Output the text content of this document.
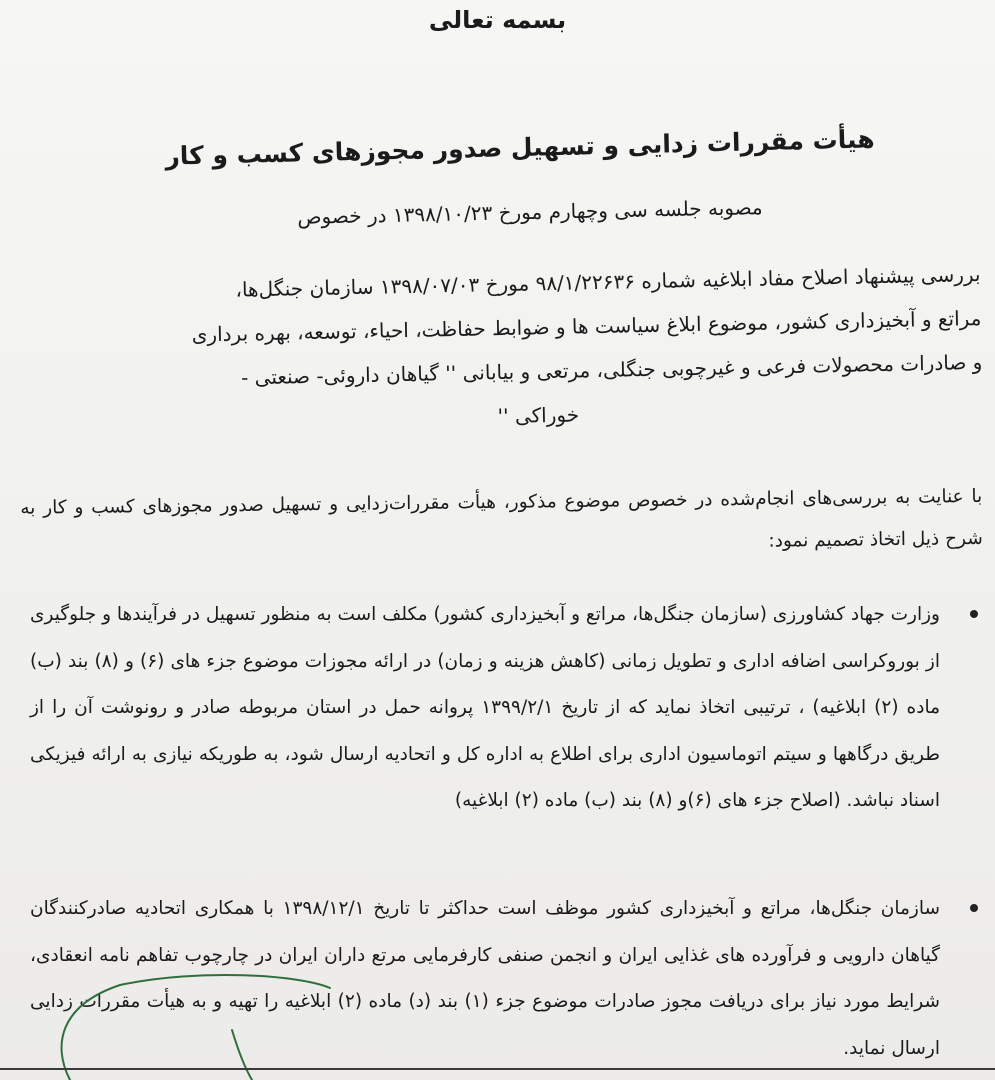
بسمه تعالی
هیأت مقررات زدایی و تسهیل صدور مجوزهای کسب و کار
مصوبه جلسه سی وچهارم مورخ ۱۳۹۸/۱۰/۲۳ در خصوص
بررسی پیشنهاد اصلاح مفاد ابلاغیه شماره ۹۸/۱/۲۲۶۳۶ مورخ ۱۳۹۸/۰۷/۰۳ سازمان جنگل‌ها،
مراتع و آبخیزداری کشور، موضوع ابلاغ سیاست ها و ضوابط حفاظت، احیاء، توسعه، بهره برداری
و صادرات محصولات فرعی و غیرچوبی جنگلی، مرتعی و بیابانی '' گیاهان داروئی- صنعتی -
خوراکی ''
با عنایت به بررسی‌های انجام‌شده در خصوص موضوع مذکور، هیأت مقررات‌زدایی و تسهیل صدور مجوزهای کسب و کار به شرح ذیل اتخاذ تصمیم نمود:
وزارت جهاد کشاورزی (سازمان جنگل‌ها، مراتع و آبخیزداری کشور) مکلف است به منظور تسهیل در فرآیندها و جلوگیری از بوروکراسی اضافه اداری و تطویل زمانی (کاهش هزینه و زمان) در ارائه مجوزات موضوع جزء های (۶) و (۸) بند (ب) ماده (۲) ابلاغیه) ، ترتیبی اتخاذ نماید که از تاریخ ۱۳۹۹/۲/۱ پروانه حمل در استان مربوطه صادر و رونوشت آن را از طریق درگاهها و سیتم اتوماسیون اداری برای اطلاع به اداره کل و اتحادیه ارسال شود، به طوریکه نیازی به ارائه فیزیکی اسناد نباشد. (اصلاح جزء های (۶)و (۸) بند (ب) ماده (۲) ابلاغیه)
سازمان جنگل‌ها، مراتع و آبخیزداری کشور موظف است حداکثر تا تاریخ ۱۳۹۸/۱۲/۱ با همکاری اتحادیه صادرکنندگان گیاهان دارویی و فرآورده های غذایی ایران و انجمن صنفی کارفرمایی مرتع داران ایران در چارچوب تفاهم نامه انعقادی، شرایط مورد نیاز برای دریافت مجوز صادرات موضوع جزء (۱) بند (د) ماده (۲) ابلاغیه را تهیه و به هیأت مقررات زدایی ارسال نماید.
